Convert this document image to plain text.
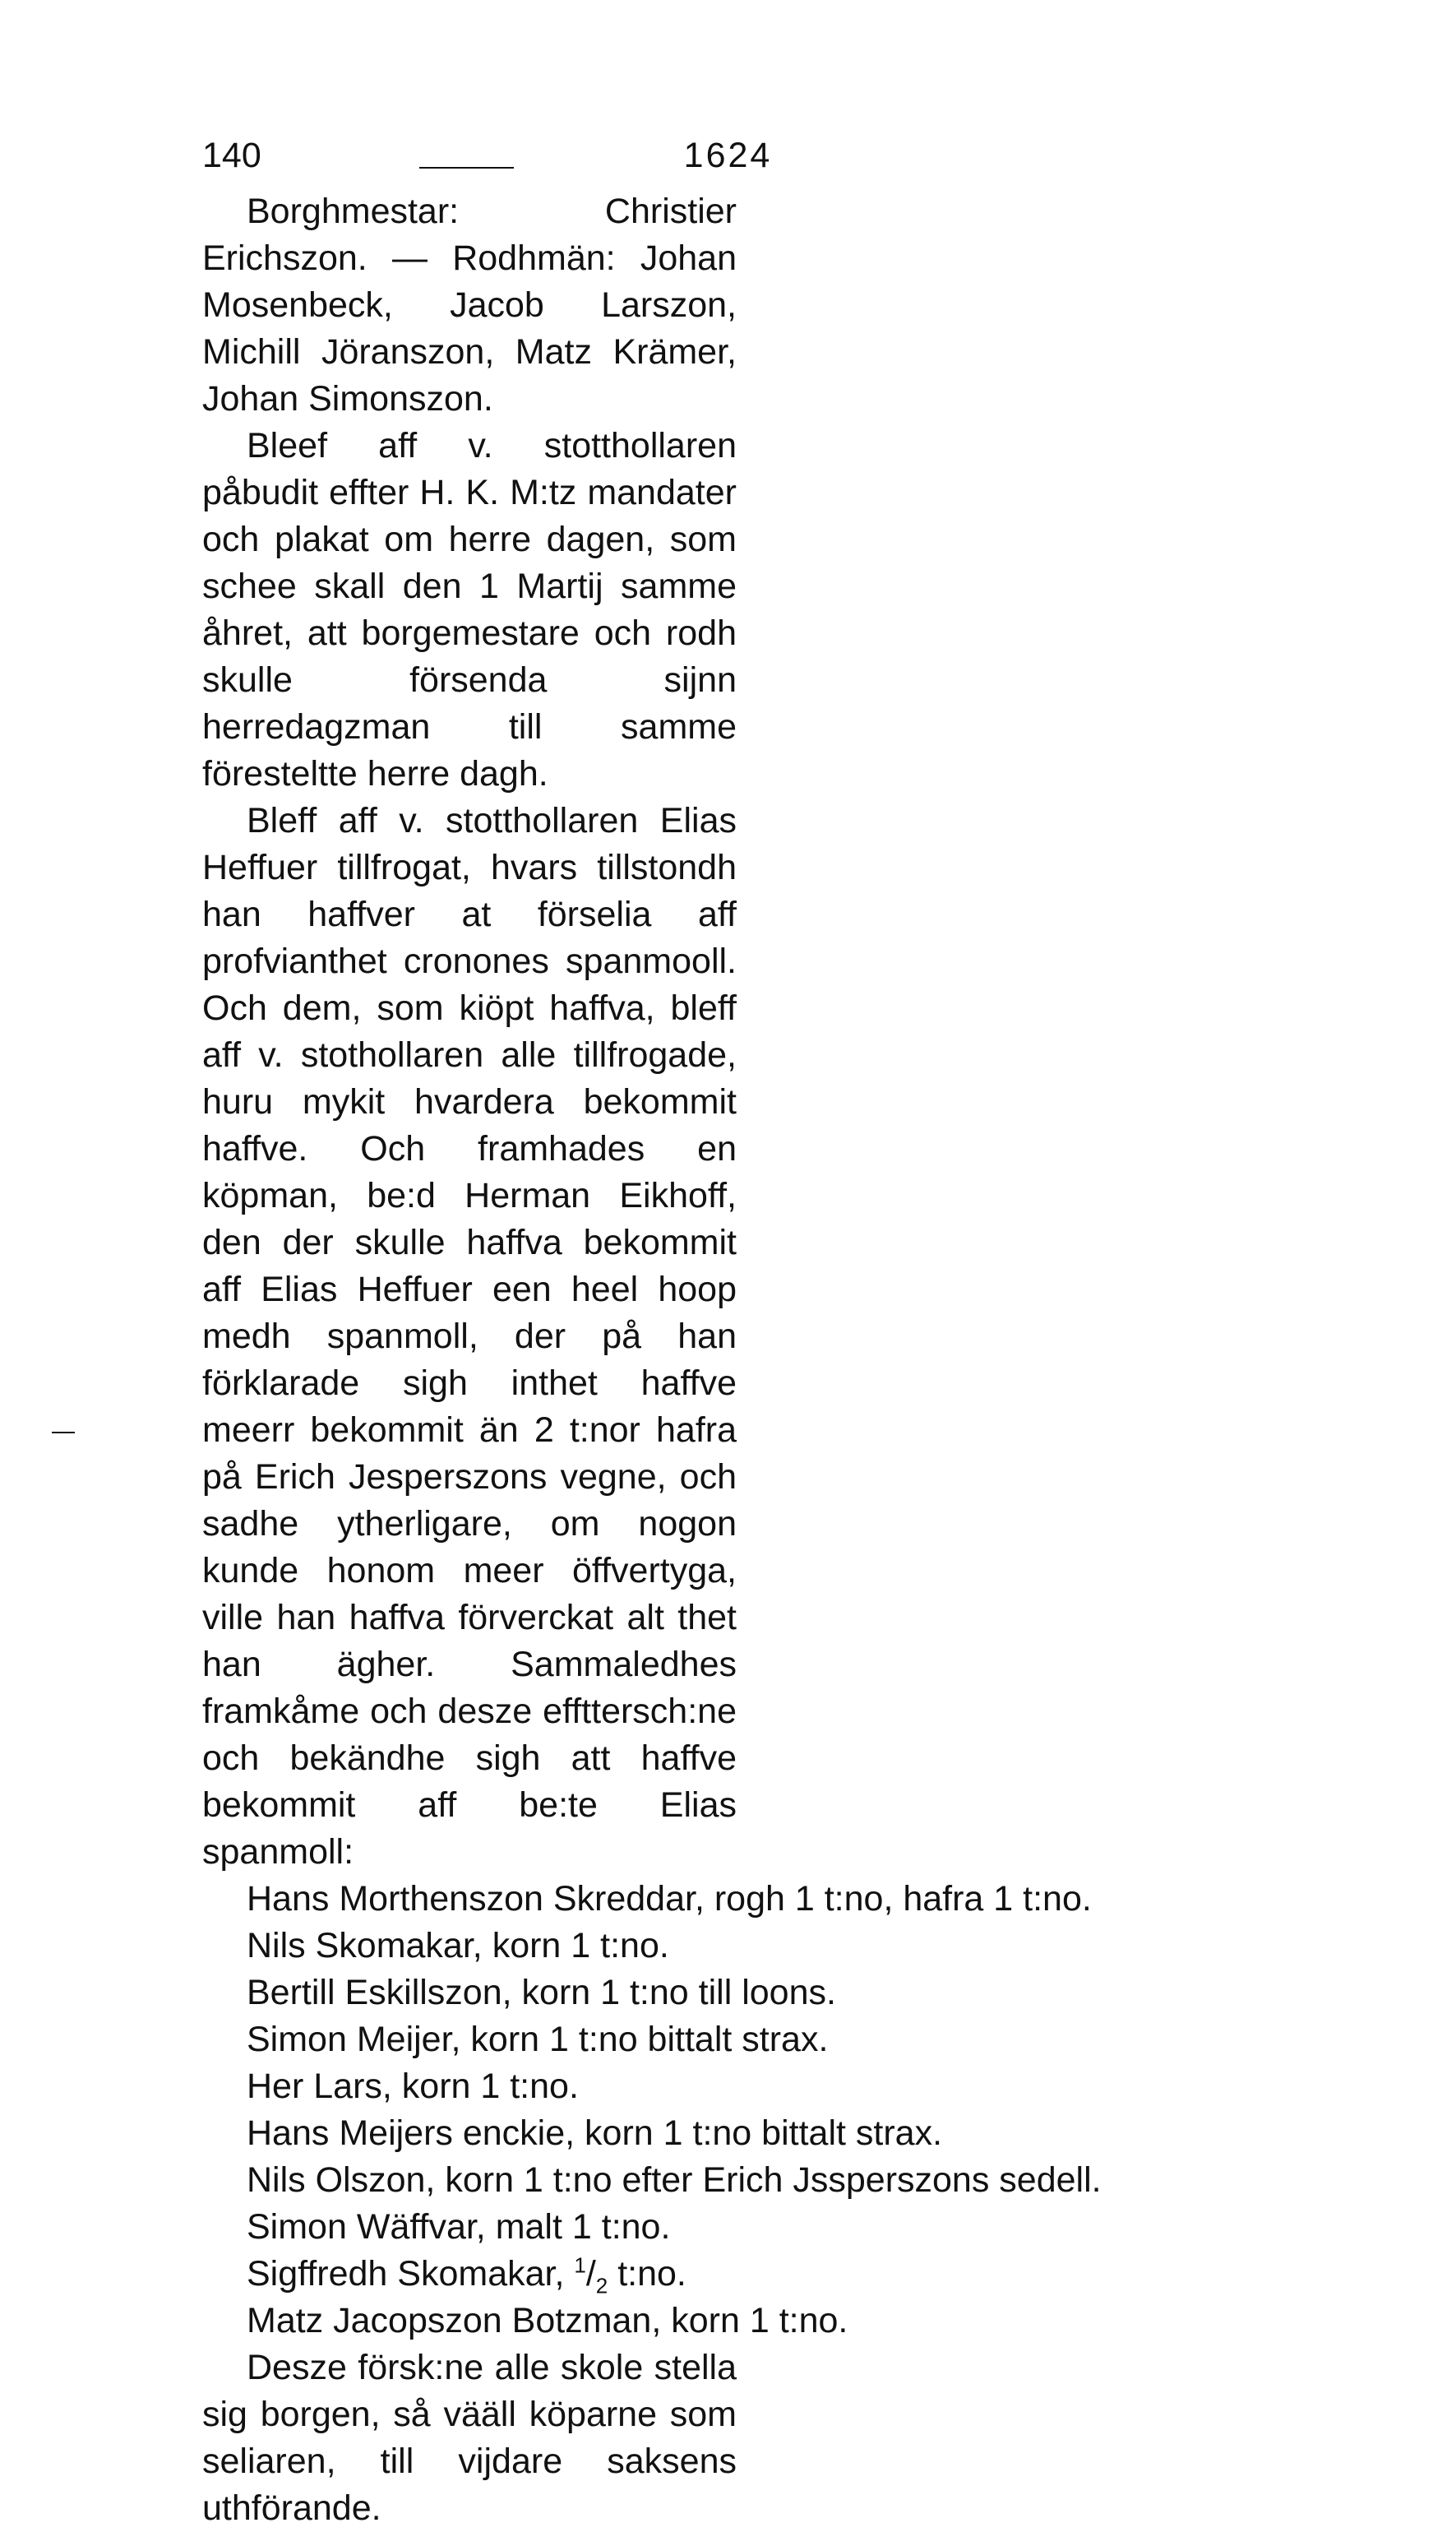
140	1624

Borghmestar: Christier Erichszon. — Rodhmän: Johan Mosenbeck, Jacob Larszon, Michill Jöranszon, Matz Krämer, Johan Simonszon.

Bleef aff v. stotthollaren påbudit effter H. K. M:tz mandater och plakat om herre dagen, som schee skall den 1 Martij samme åhret, att borgemestare och rodh skulle försenda sijnn herredagzman till samme föresteltte herre dagh.

Bleff aff v. stotthollaren Elias Heffuer tillfrogat, hvars tillstondh han haffver at förselia aff profvianthet cronones spanmooll. Och dem, som kiöpt haffva, bleff aff v. stothollaren alle tillfrogade, huru mykit hvardera bekommit haffve. Och framhades en köpman, be:d Herman Eikhoff, den der skulle haffva bekommit aff Elias Heffuer een heel hoop medh spanmoll, der på han förklarade sigh inthet haffve meerr bekommit än 2 t:nor hafra på Erich Jesperszons vegne, och sadhe ytherligare, om nogon kunde honom meer öffvertyga, ville han haffva förverckat alt thet han ägher. Sammaledhes framkåme och desze effttersch:ne och bekändhe sigh att haffve bekommit aff be:te Elias spanmoll:

Hans Morthenszon Skreddar, rogh 1 t:no, hafra 1 t:no.
Nils Skomakar, korn 1 t:no.
Bertill Eskillszon, korn 1 t:no till loons.
Simon Meijer, korn 1 t:no bittalt strax.
Her Lars, korn 1 t:no.
Hans Meijers enckie, korn 1 t:no bittalt strax.
Nils Olszon, korn 1 t:no efter Erich Jssperszons sedell.
Simon Wäffvar, malt 1 t:no.
Sigffredh Skomakar, $^1/_2$ t:no.
Matz Jacopszon Botzman, korn 1 t:no.

Desze försk:ne alle skole stella sig borgen, så vääll köparne som seliaren, till vijdare saksens uthförande.
